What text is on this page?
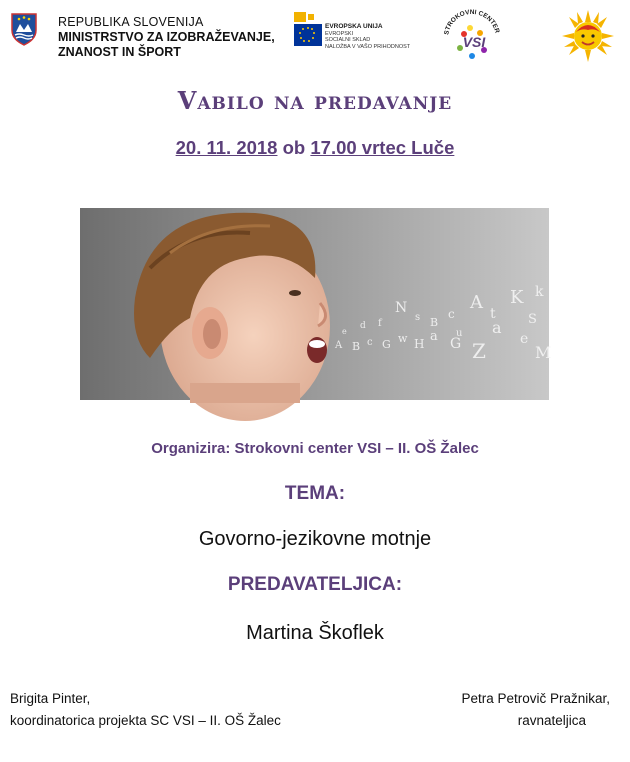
REPUBLIKA SLOVENIJA
MINISTRSTVO ZA IZOBRAŽEVANJE,
ZNANOST IN ŠPORT
EVROPSKA UNIJA
EVROPSKI
SOCIALNI SKLAD
NALOŽBA V VAŠO PRIHODNOST
STROKOVNI CENTER
VSI
Vabilo na predavanje
20. 11. 2018 ob 17.00 vrtec Luče
A B c G w H a G Z
a
e
M
d f
N
s B
c
A
t
K
S
k
e	u
Organizira: Strokovni center VSI – II. OŠ Žalec
TEMA:
Govorno-jezikovne motnje
PREDAVATELJICA:
Martina Škoflek
Brigita Pinter,
koordinatorica projekta SC VSI – II. OŠ Žalec
Petra Petrovič Pražnikar,
ravnateljica
